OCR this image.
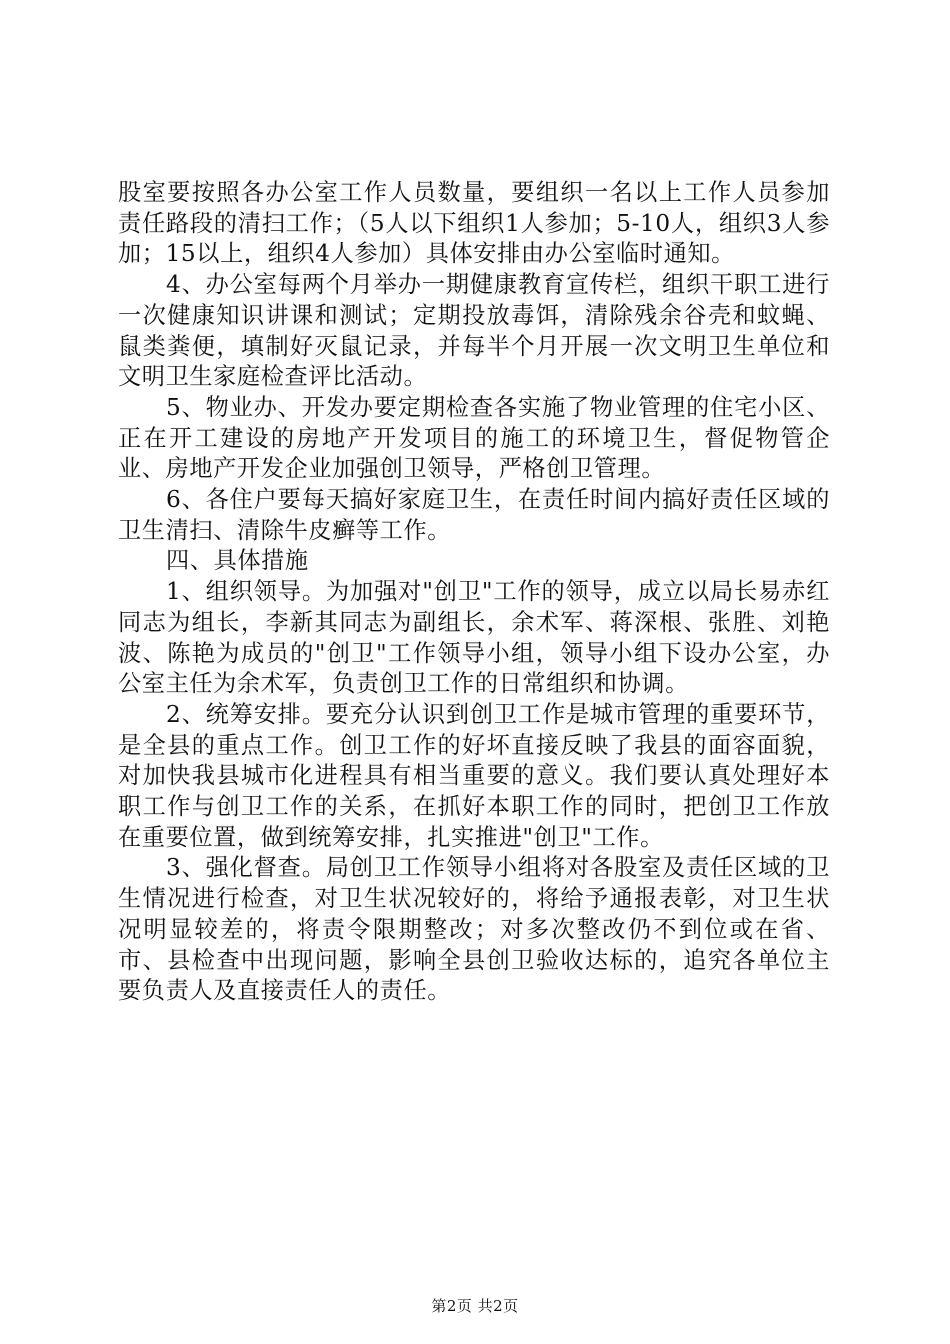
股室要按照各办公室工作人员数量，要组织一名以上工作人员参加责任路段的清扫工作；（5人以下组织1人参加；5-10人，组织3人参加；15以上，组织4人参加）具体安排由办公室临时通知。

4、办公室每两个月举办一期健康教育宣传栏，组织干职工进行一次健康知识讲课和测试；定期投放毒饵，清除残余谷壳和蚊蝇、鼠类粪便，填制好灭鼠记录，并每半个月开展一次文明卫生单位和文明卫生家庭检查评比活动。

5、物业办、开发办要定期检查各实施了物业管理的住宅小区、正在开工建设的房地产开发项目的施工的环境卫生，督促物管企业、房地产开发企业加强创卫领导，严格创卫管理。

6、各住户要每天搞好家庭卫生，在责任时间内搞好责任区域的卫生清扫、清除牛皮癣等工作。

四、具体措施

1、组织领导。为加强对"创卫"工作的领导，成立以局长易赤红同志为组长，李新其同志为副组长，余术军、蒋深根、张胜、刘艳波、陈艳为成员的"创卫"工作领导小组，领导小组下设办公室，办公室主任为余术军，负责创卫工作的日常组织和协调。

2、统筹安排。要充分认识到创卫工作是城市管理的重要环节，是全县的重点工作。创卫工作的好坏直接反映了我县的面容面貌，对加快我县城市化进程具有相当重要的意义。我们要认真处理好本职工作与创卫工作的关系，在抓好本职工作的同时，把创卫工作放在重要位置，做到统筹安排，扎实推进"创卫"工作。

3、强化督查。局创卫工作领导小组将对各股室及责任区域的卫生情况进行检查，对卫生状况较好的，将给予通报表彰，对卫生状况明显较差的，将责令限期整改；对多次整改仍不到位或在省、市、县检查中出现问题，影响全县创卫验收达标的，追究各单位主要负责人及直接责任人的责任。

第2页 共2页
